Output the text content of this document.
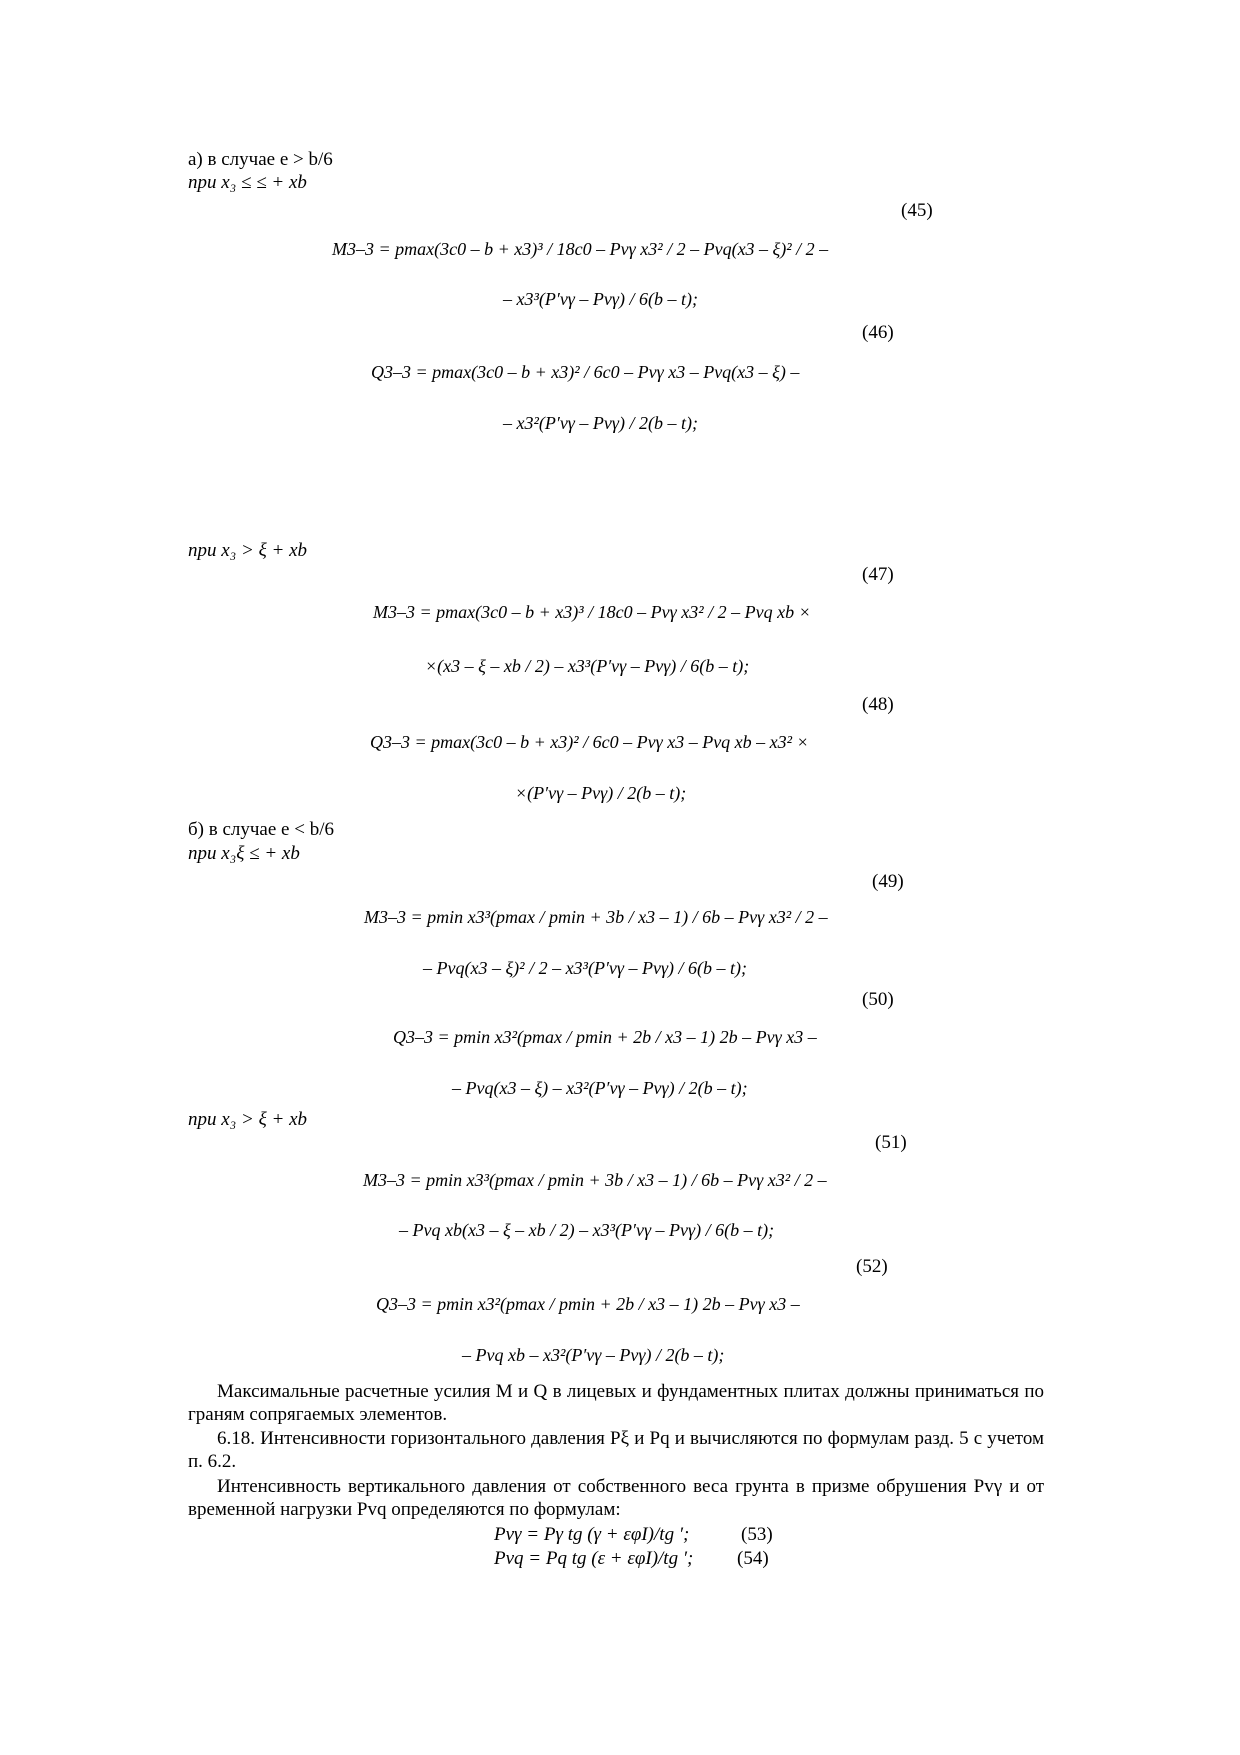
а) в случае e > b/6
при x₃ ≤ ≤ + xb
(45)
M3–3 = pmax(3c0 – b + x3)³ / 18c0 – Pvγ x3² / 2 – Pvq(x3 – ξ)² / 2 –
– x3³(P′vγ – Pvγ) / 6(b – t);
(46)
Q3–3 = pmax(3c0 – b + x3)² / 6c0 – Pvγ x3 – Pvq(x3 – ξ) –
– x3²(P′vγ – Pvγ) / 2(b – t);
при x₃ > ξ + xb
(47)
M3–3 = pmax(3c0 – b + x3)³ / 18c0 – Pvγ x3² / 2 – Pvq xb ×
×(x3 – ξ – xb / 2) – x3³(P′vγ – Pvγ) / 6(b – t);
(48)
Q3–3 = pmax(3c0 – b + x3)² / 6c0 – Pvγ x3 – Pvq xb – x3² ×
×(P′vγ – Pvγ) / 2(b – t);
б) в случае e < b/6
при x₃ξ ≤ + xb
(49)
M3–3 = pmin x3³(pmax / pmin + 3b / x3 – 1) / 6b – Pvγ x3² / 2 –
– Pvq(x3 – ξ)² / 2 – x3³(P′vγ – Pvγ) / 6(b – t);
(50)
Q3–3 = pmin x3²(pmax / pmin + 2b / x3 – 1) 2b – Pvγ x3 –
– Pvq(x3 – ξ) – x3²(P′vγ – Pvγ) / 2(b – t);
при x₃ > ξ + xb
(51)
M3–3 = pmin x3³(pmax / pmin + 3b / x3 – 1) / 6b – Pvγ x3² / 2 –
– Pvq xb(x3 – ξ – xb / 2) – x3³(P′vγ – Pvγ) / 6(b – t);
(52)
Q3–3 = pmin x3²(pmax / pmin + 2b / x3 – 1) 2b – Pvγ x3 –
– Pvq xb – x3²(P′vγ – Pvγ) / 2(b – t);
Максимальные расчетные усилия M и Q в лицевых и фундаментных плитах должны приниматься по граням сопрягаемых элементов.
6.18. Интенсивности горизонтального давления Pξ и Pq и вычисляются по формулам разд. 5 с учетом п. 6.2.
Интенсивность вертикального давления от собственного веса грунта в призме обрушения Pvγ и от временной нагрузки Pvq определяются по формулам:
Pvγ = Pγ tg (γ + εφI)/tg ′;	(53)
Pvq = Pq tg (ε + εφI)/tg ′; (54)
